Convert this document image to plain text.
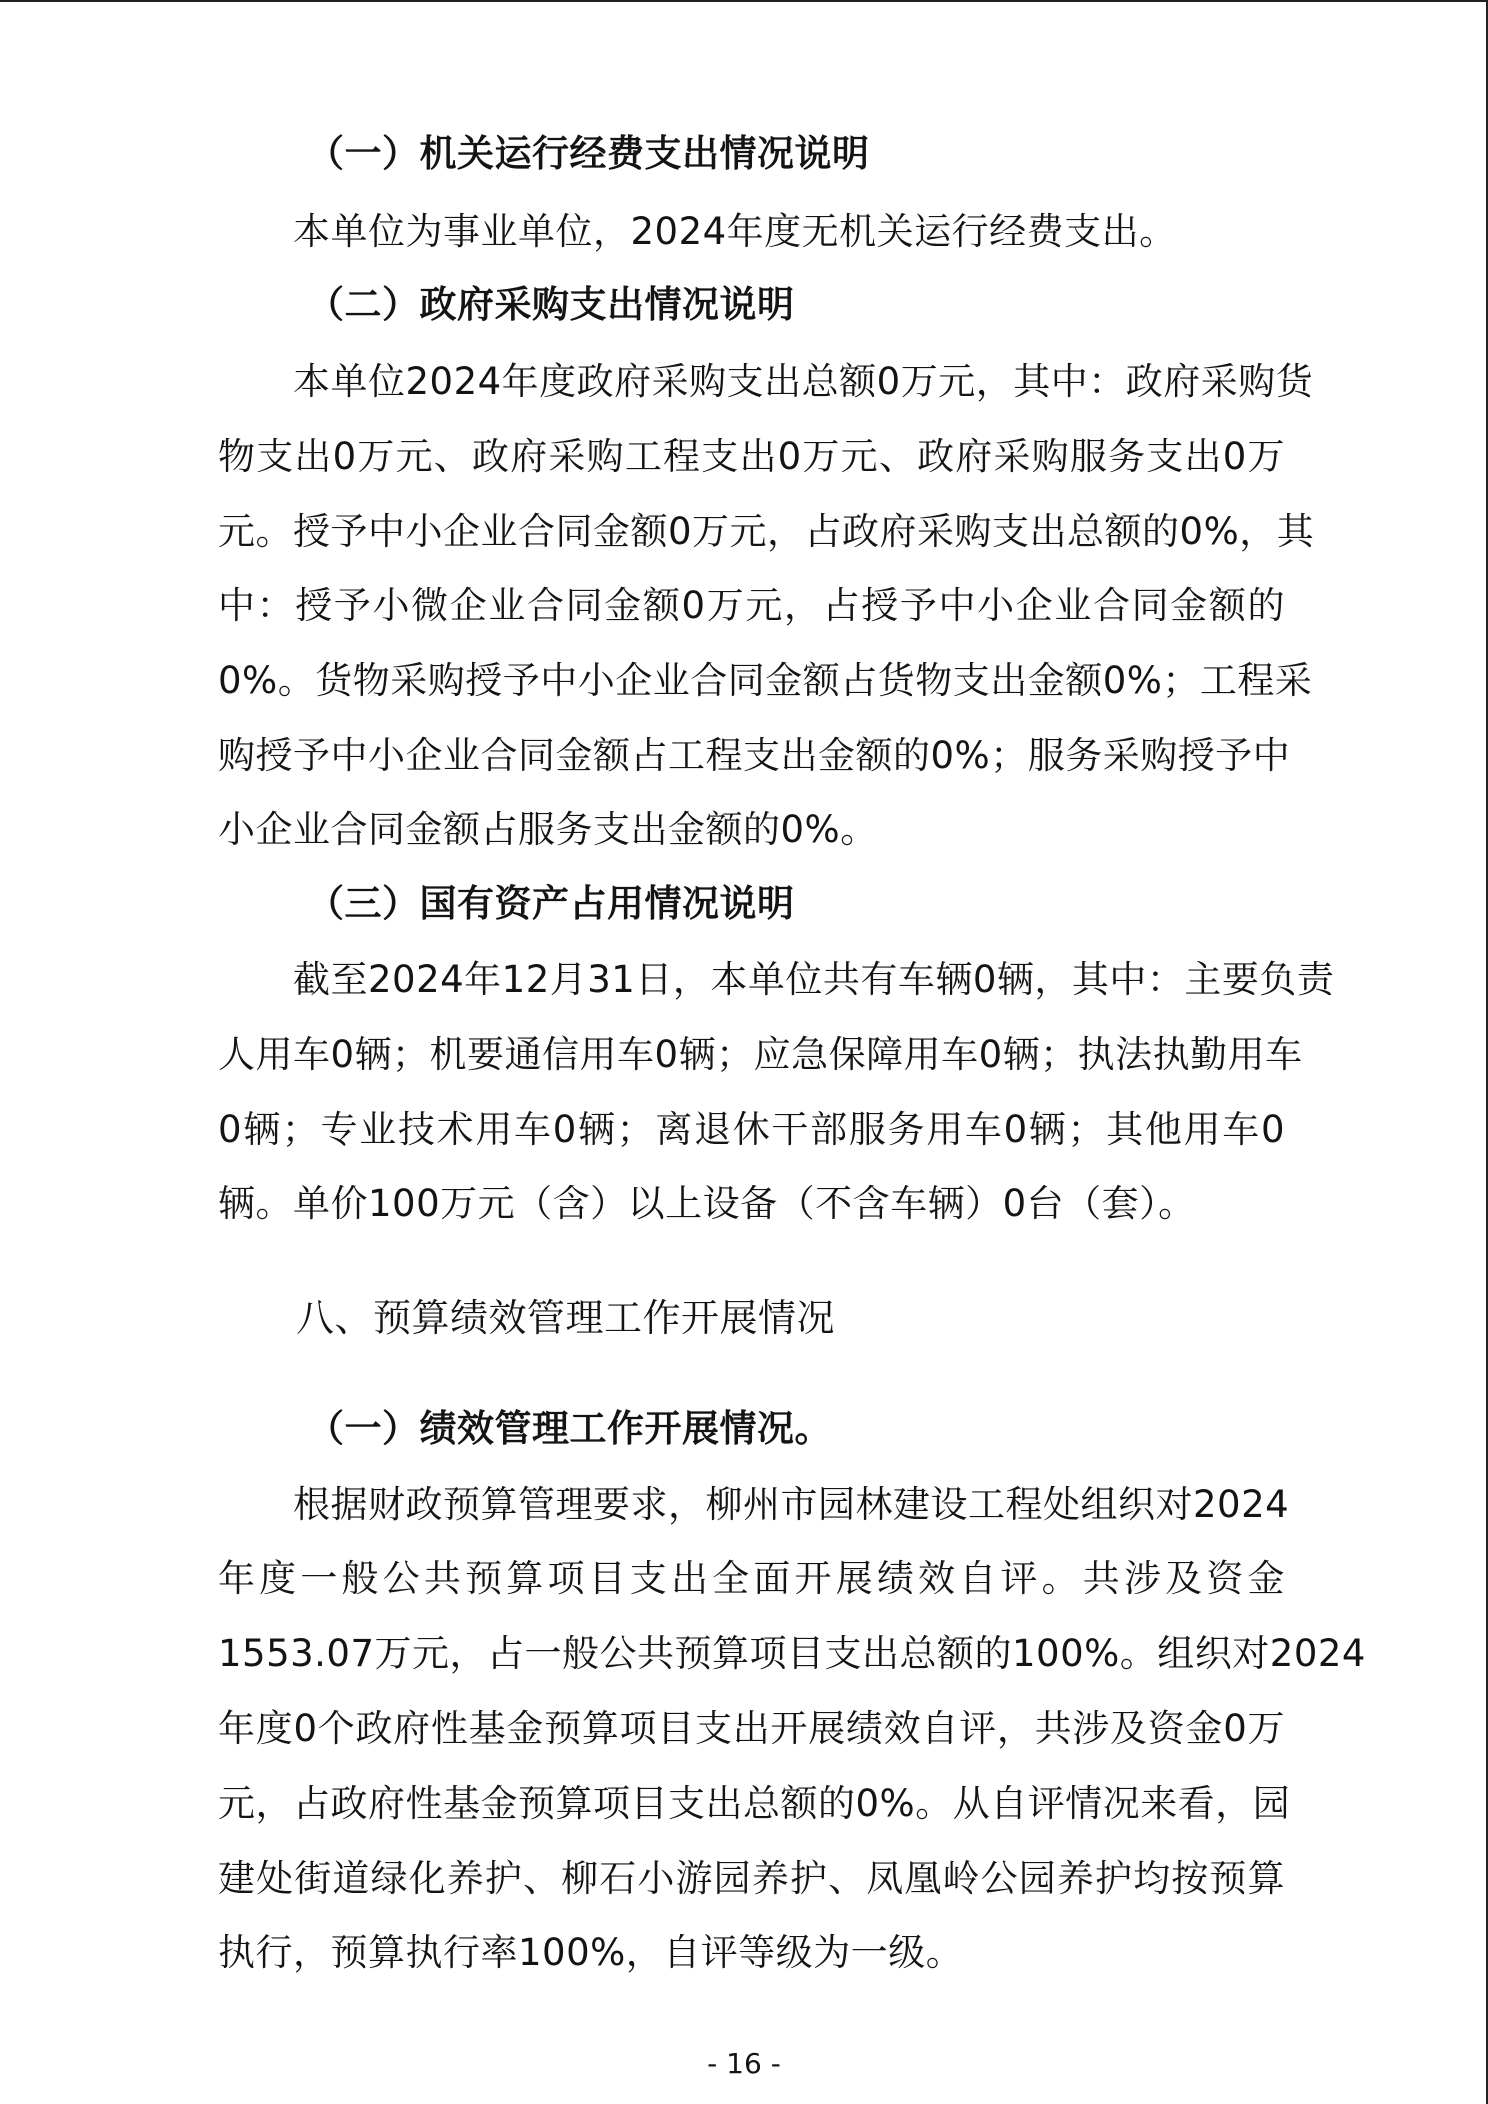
（一）机关运行经费支出情况说明
本单位为事业单位，2024年度无机关运行经费支出。
（二）政府采购支出情况说明
本单位2024年度政府采购支出总额0万元，其中：政府采购货
物支出0万元、政府采购工程支出0万元、政府采购服务支出0万
元。授予中小企业合同金额0万元，占政府采购支出总额的0%，其
中：授予小微企业合同金额0万元，占授予中小企业合同金额的
0%。货物采购授予中小企业合同金额占货物支出金额0%；工程采
购授予中小企业合同金额占工程支出金额的0%；服务采购授予中
小企业合同金额占服务支出金额的0%。
（三）国有资产占用情况说明
截至2024年12月31日，本单位共有车辆0辆，其中：主要负责
人用车0辆；机要通信用车0辆；应急保障用车0辆；执法执勤用车
0辆；专业技术用车0辆；离退休干部服务用车0辆；其他用车0
辆。单价100万元（含）以上设备（不含车辆）0台（套）。
八、预算绩效管理工作开展情况
（一）绩效管理工作开展情况。
根据财政预算管理要求，柳州市园林建设工程处组织对2024
年度一般公共预算项目支出全面开展绩效自评。共涉及资金
1553.07万元，占一般公共预算项目支出总额的100%。组织对2024
年度0个政府性基金预算项目支出开展绩效自评，共涉及资金0万
元，占政府性基金预算项目支出总额的0%。从自评情况来看，园
建处街道绿化养护、柳石小游园养护、凤凰岭公园养护均按预算
执行，预算执行率100%，自评等级为一级。
- 16 -
